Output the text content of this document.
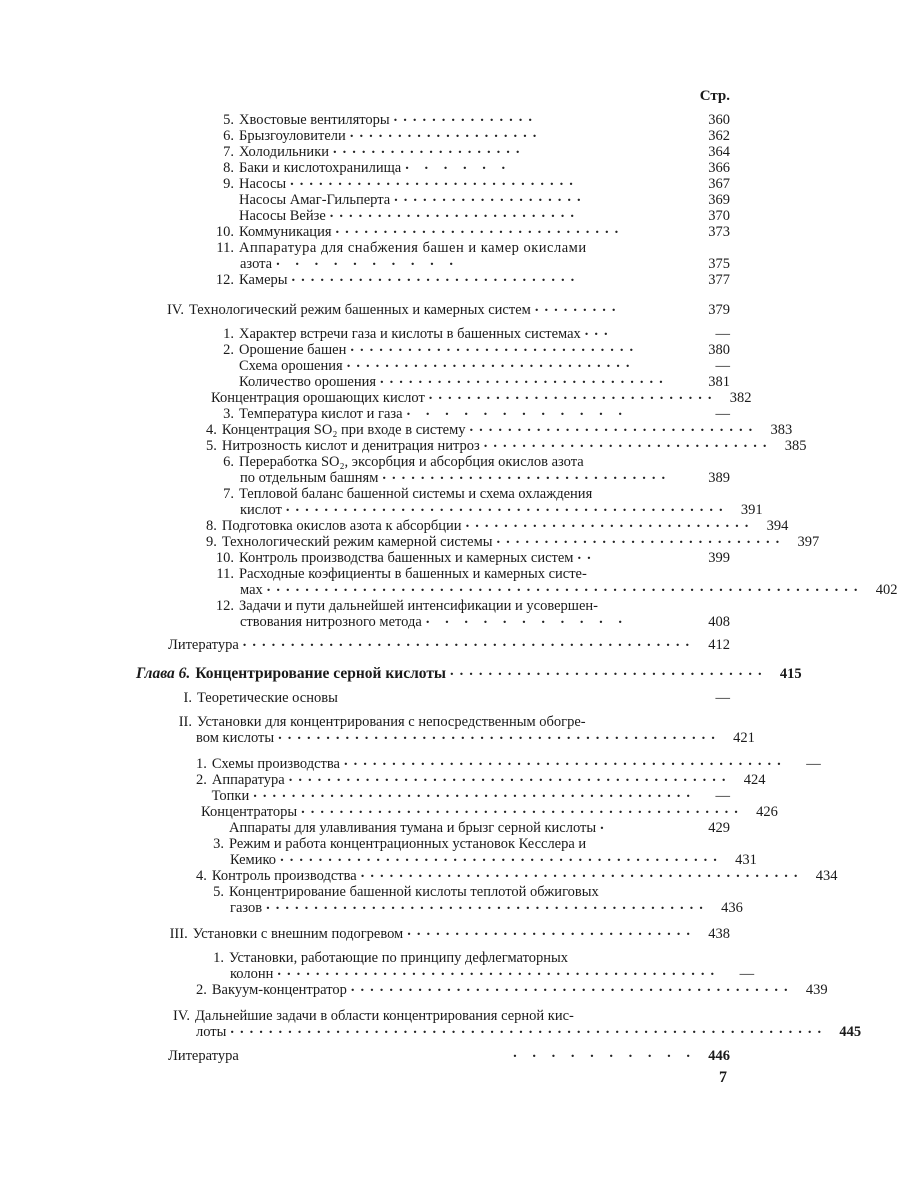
Стр.
5. Хвостовые вентиляторы ...............	360
6. Брызгоуловители ....................	362
7. Холодильники ....................	364
8. Баки и кислотохранилища . . . . . .	366
9. Насосы ..............................	367
Насосы Амаг-Гильперта ....................	369
Насосы Вейзе ..........................	370
10. Коммуникация ..............................	373
11. Аппаратура для снабжения башен и камер окислами
азота . . . . . . . . . .	375
12. Камеры ..............................	377
IV. Технологический режим башенных и камерных систем .........	379
1. Характер встречи газа и кислоты в башенных системах ...	—
2. Орошение башен ..............................	380
Схема орошения ..............................	—
Количество орошения ..............................	381
Концентрация орошающих кислот .............................. 382
3. Температура кислот и газа . . . . . . . . . . . .	—
4. Концентрация SO₂ при входе в систему .............................. 383
5. Нитрозность кислот и денитрация нитроз .............................. 385
6. Переработка SO₂, эксорбция и абсорбция окислов азота
по отдельным башням ..............................	389
7. Тепловой баланс башенной системы и схема охлаждения
кислот .............................................. 391
8. Подготовка окислов азота к абсорбции .............................. 394
9. Технологический режим камерной системы .............................. 397
10. Контроль производства башенных и камерных систем ..	399
11. Расходные коэфициенты в башенных и камерных систе-
мах .............................................................. 402
12. Задачи и пути дальнейшей интенсификации и усовершен-
ствования нитрозного метода . . . . . . . . . . .	408
Литература ............................................... 412
Глава 6. Концентрирование серной кислоты ................................. 415
I. Теоретические основы	—
II. Установки для концентрирования с непосредственным обогре-
вом кислоты .............................................. 421
1. Схемы производства ..............................................	—
2. Аппаратура .............................................. 424
Топки ..............................................	—
Концентраторы .............................................. 426
Аппараты для улавливания тумана и брызг серной кислоты .	429
3. Режим и работа концентрационных установок Кесслера и
Кемико .............................................. 431
4. Контроль производства .............................................. 434
5. Концентрирование башенной кислоты теплотой обжиговых
газов .............................................. 436
III. Установки с внешним подогревом .............................. 438
1. Установки, работающие по принципу дефлегматорных
колонн ..............................................	—
2. Вакуум-концентратор .............................................. 439
IV. Дальнейшие задачи в области концентрирования серной кис-
лоты .............................................................. 445
Литература	. . . . . . . . . . 446
7
